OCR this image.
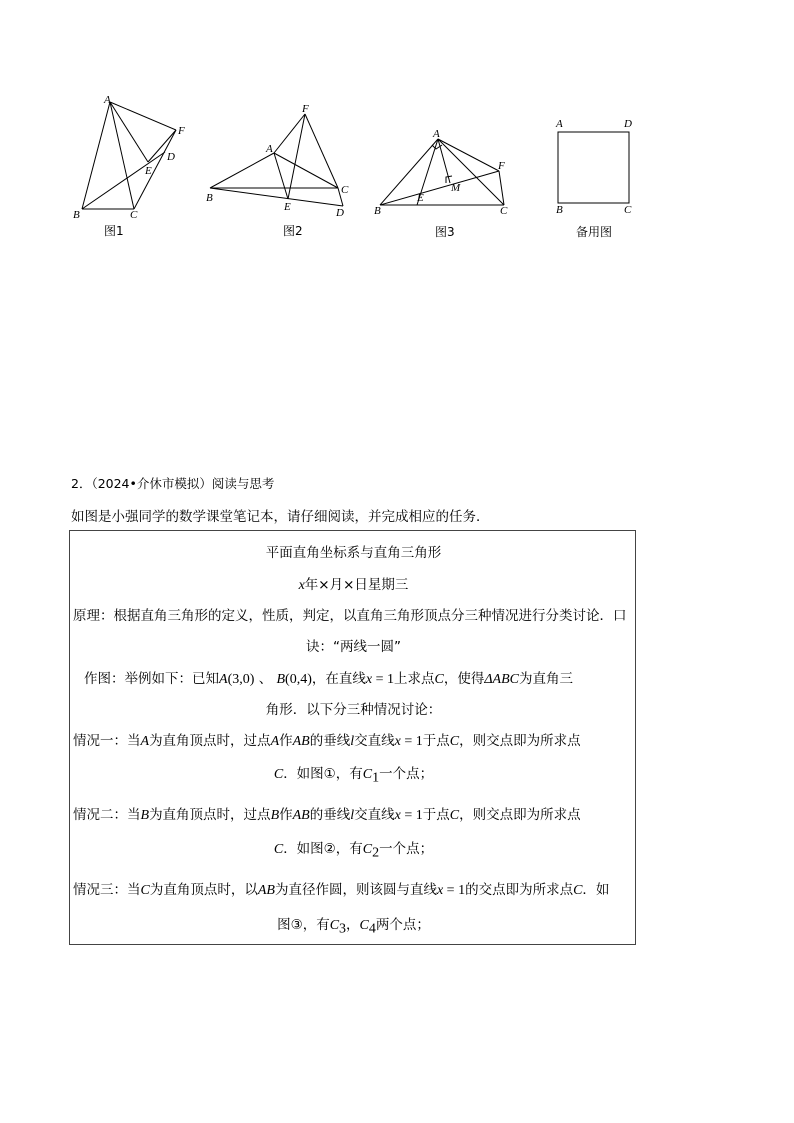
A
B	C
D
E
F
图1
F
A
B
C
D
E
图2
A
B	C
E
F
M
图3
A	D
B	C
备用图
2．（2024•介休市模拟）阅读与思考
如图是小强同学的数学课堂笔记本，请仔细阅读，并完成相应的任务．
平面直角坐标系与直角三角形
x年×月×日星期三
原理：根据直角三角形的定义，性质，判定，以直角三角形顶点分三种情况进行分类讨论．口
诀：“两线一圆”
作图：举例如下：已知A(3,0) 、 B(0,4)，在直线x = 1上求点C，使得ΔABC为直角三
角形．以下分三种情况讨论：
情况一：当A为直角顶点时，过点A作AB的垂线l交直线x = 1于点C，则交点即为所求点
C．如图①，有$C_1$一个点；
情况二：当B为直角顶点时，过点B作AB的垂线l交直线x = 1于点C，则交点即为所求点
C．如图②，有$C_2$一个点；
情况三：当C为直角顶点时，以AB为直径作圆，则该圆与直线x = 1的交点即为所求点C．如
图③，有$C_3$，$C_4$两个点；
